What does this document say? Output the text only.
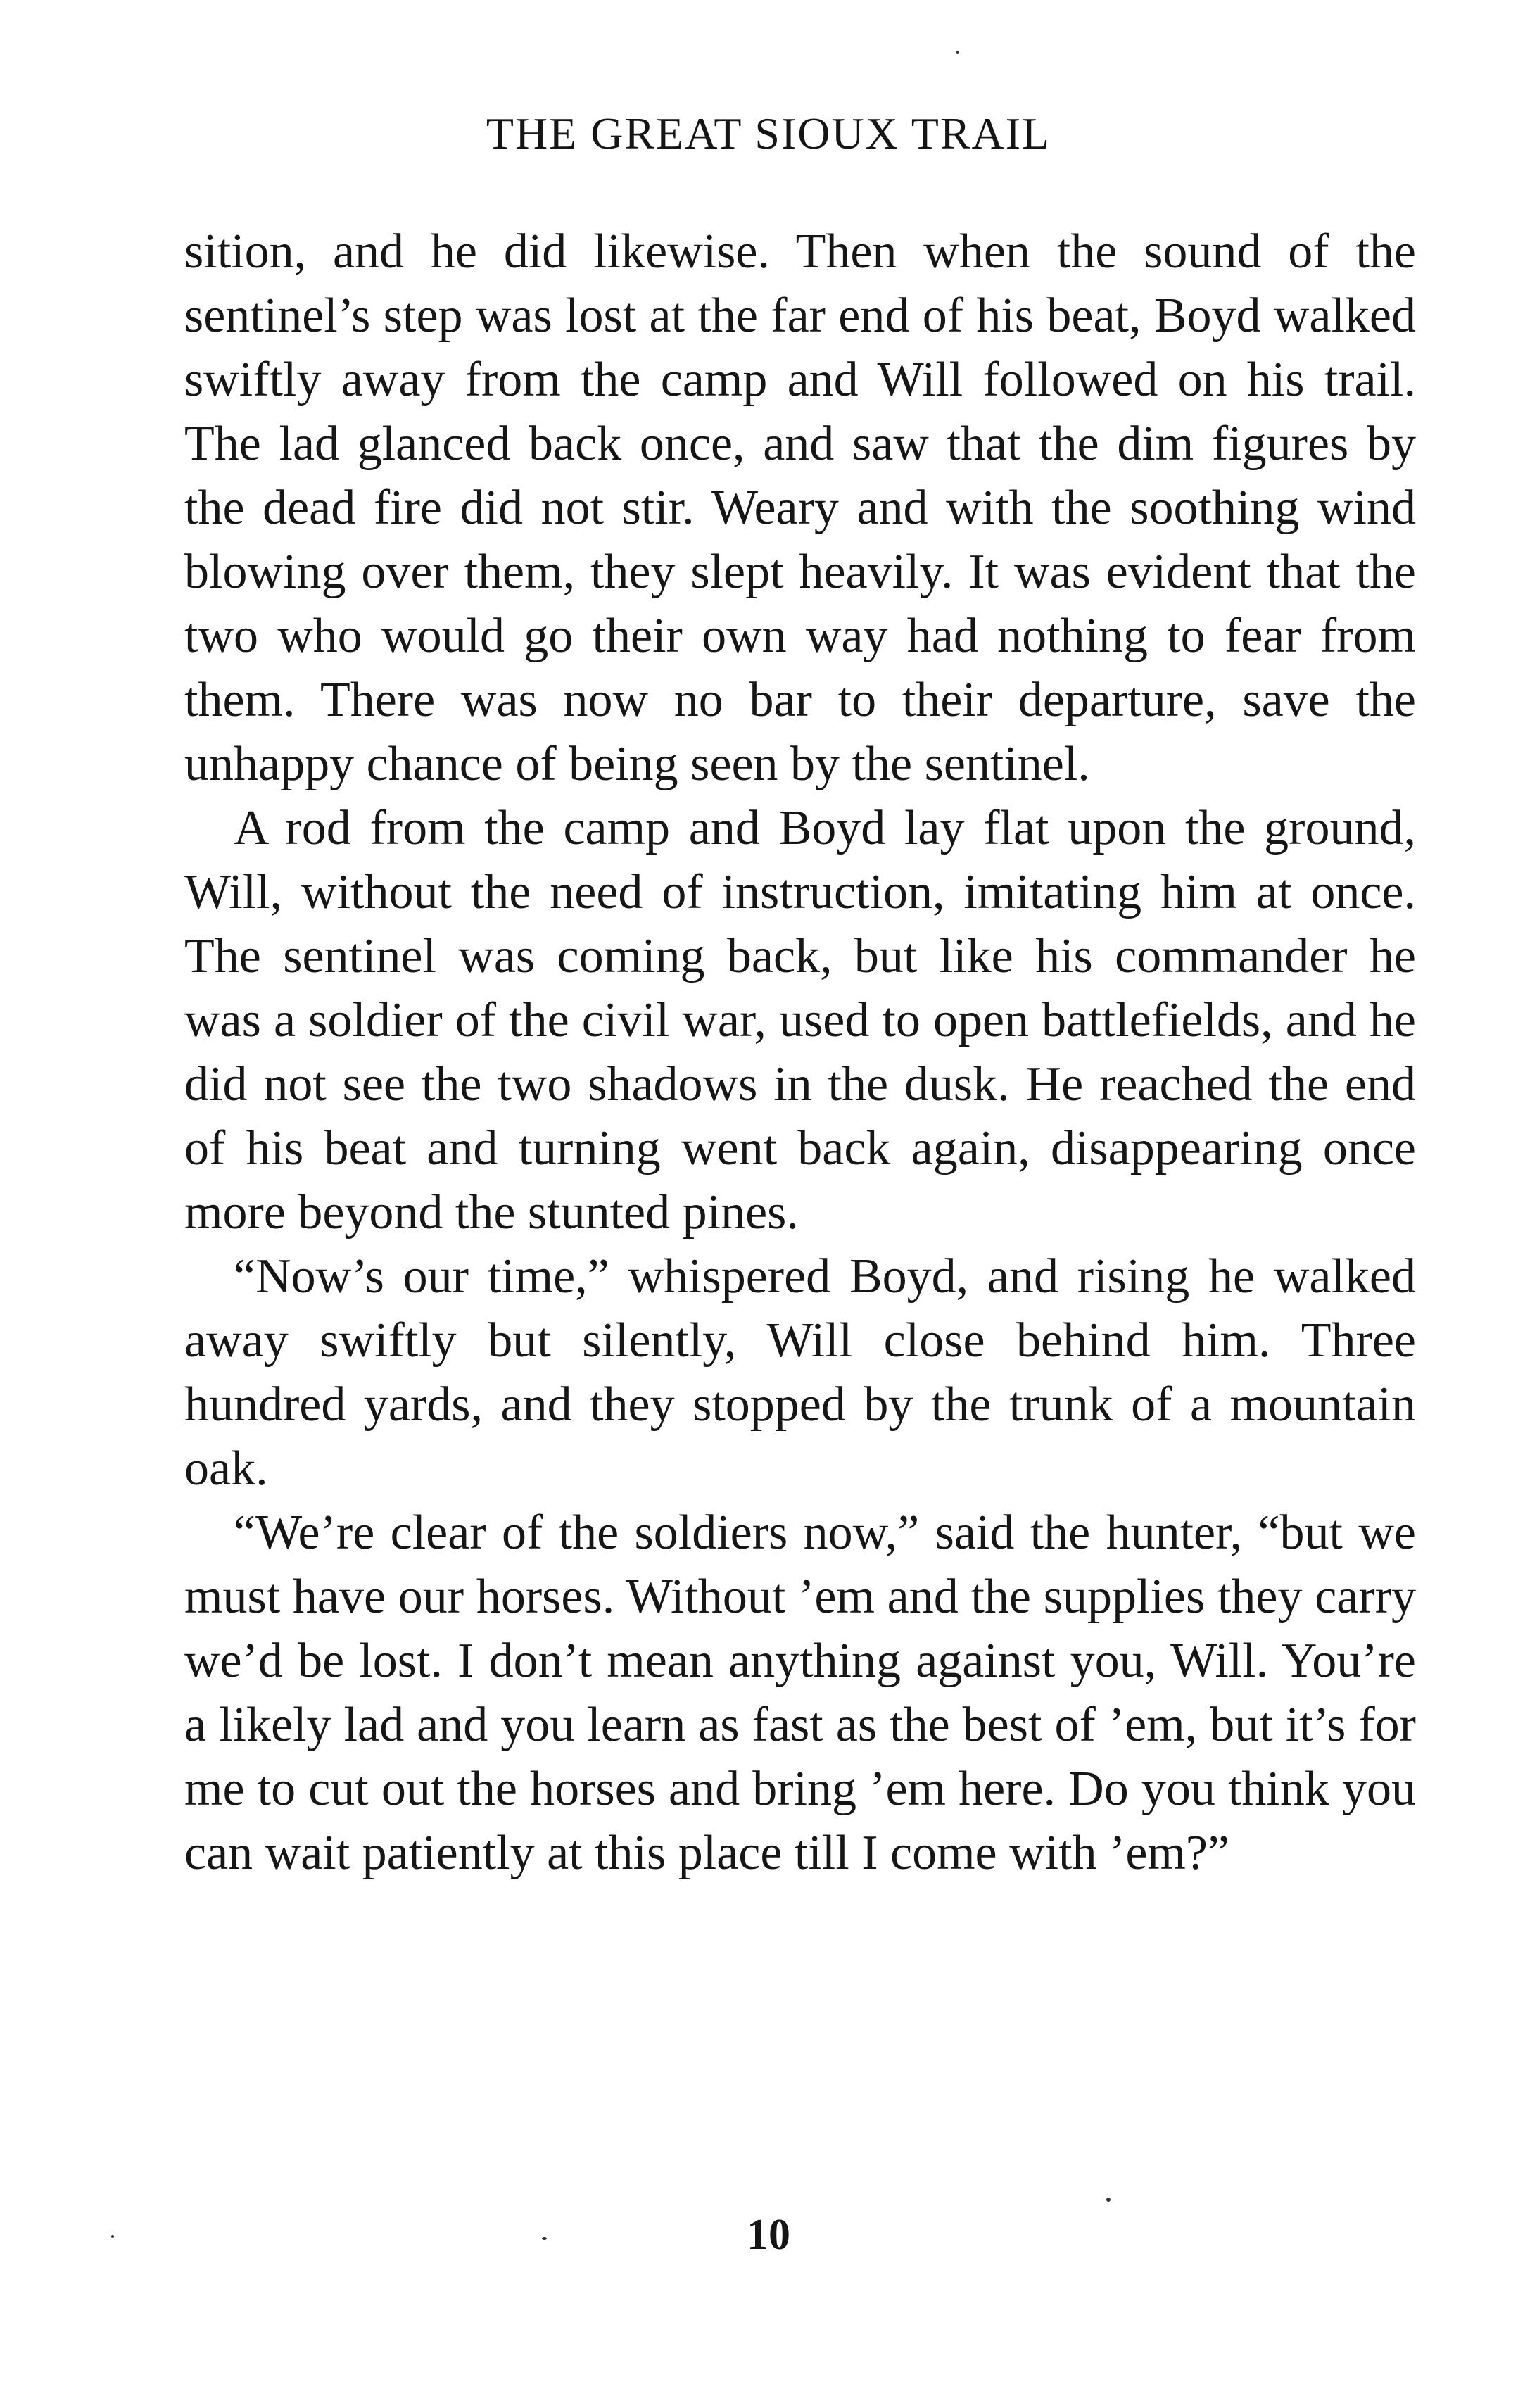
THE GREAT SIOUX TRAIL

sition, and he did likewise. Then when the sound of the sentinel’s step was lost at the far end of his beat, Boyd walked swiftly away from the camp and Will followed on his trail. The lad glanced back once, and saw that the dim figures by the dead fire did not stir. Weary and with the soothing wind blowing over them, they slept heavily. It was evident that the two who would go their own way had nothing to fear from them. There was now no bar to their departure, save the unhappy chance of being seen by the sentinel.

A rod from the camp and Boyd lay flat upon the ground, Will, without the need of instruction, imitating him at once. The sentinel was coming back, but like his commander he was a soldier of the civil war, used to open battlefields, and he did not see the two shadows in the dusk. He reached the end of his beat and turning went back again, disappearing once more beyond the stunted pines.

“Now’s our time,” whispered Boyd, and rising he walked away swiftly but silently, Will close behind him. Three hundred yards, and they stopped by the trunk of a mountain oak.

“We’re clear of the soldiers now,” said the hunter, “but we must have our horses. Without ’em and the supplies they carry we’d be lost. I don’t mean anything against you, Will. You’re a likely lad and you learn as fast as the best of ’em, but it’s for me to cut out the horses and bring ’em here. Do you think you can wait patiently at this place till I come with ’em?”

10
